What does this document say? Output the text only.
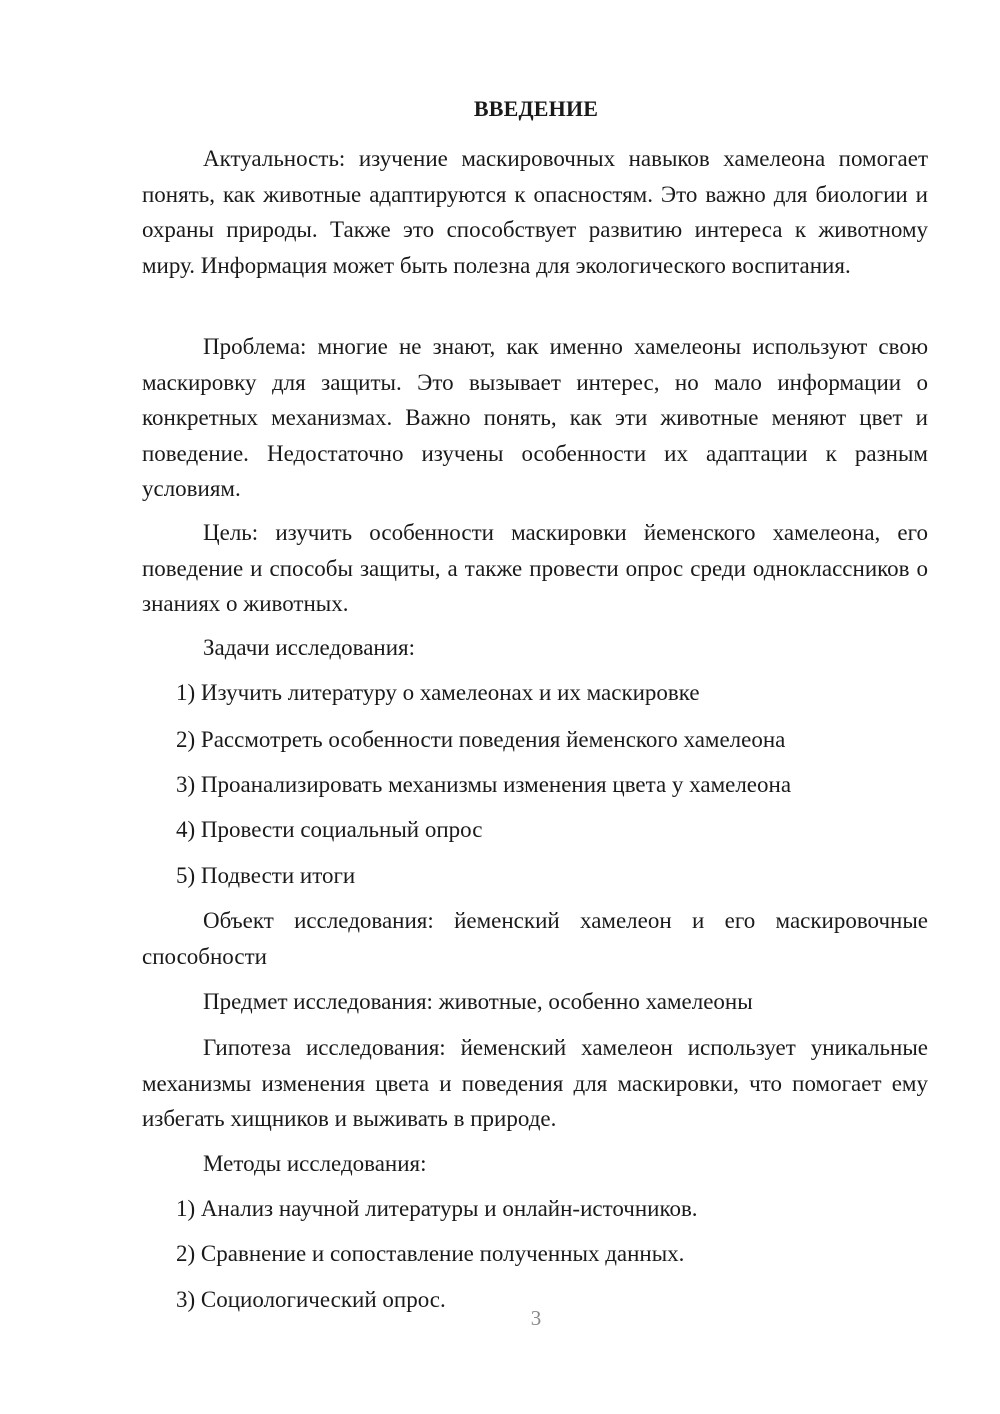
ВВЕДЕНИЕ

Актуальность: изучение маскировочных навыков хамелеона помогает понять, как животные адаптируются к опасностям. Это важно для биологии и охраны природы. Также это способствует развитию интереса к животному миру. Информация может быть полезна для экологического воспитания.

Проблема: многие не знают, как именно хамелеоны используют свою маскировку для защиты. Это вызывает интерес, но мало информации о конкретных механизмах. Важно понять, как эти животные меняют цвет и поведение. Недостаточно изучены особенности их адаптации к разным условиям.

Цель: изучить особенности маскировки йеменского хамелеона, его поведение и способы защиты, а также провести опрос среди одноклассников о знаниях о животных.

Задачи исследования:

1) Изучить литературу о хамелеонах и их маскировке

2) Рассмотреть особенности поведения йеменского хамелеона

3) Проанализировать механизмы изменения цвета у хамелеона

4) Провести социальный опрос

5) Подвести итоги

Объект исследования: йеменский хамелеон и его маскировочные способности

Предмет исследования: животные, особенно хамелеоны

Гипотеза исследования: йеменский хамелеон использует уникальные механизмы изменения цвета и поведения для маскировки, что помогает ему избегать хищников и выживать в природе.

Методы исследования:

1) Анализ научной литературы и онлайн-источников.

2) Сравнение и сопоставление полученных данных.

3) Социологический опрос.

3
